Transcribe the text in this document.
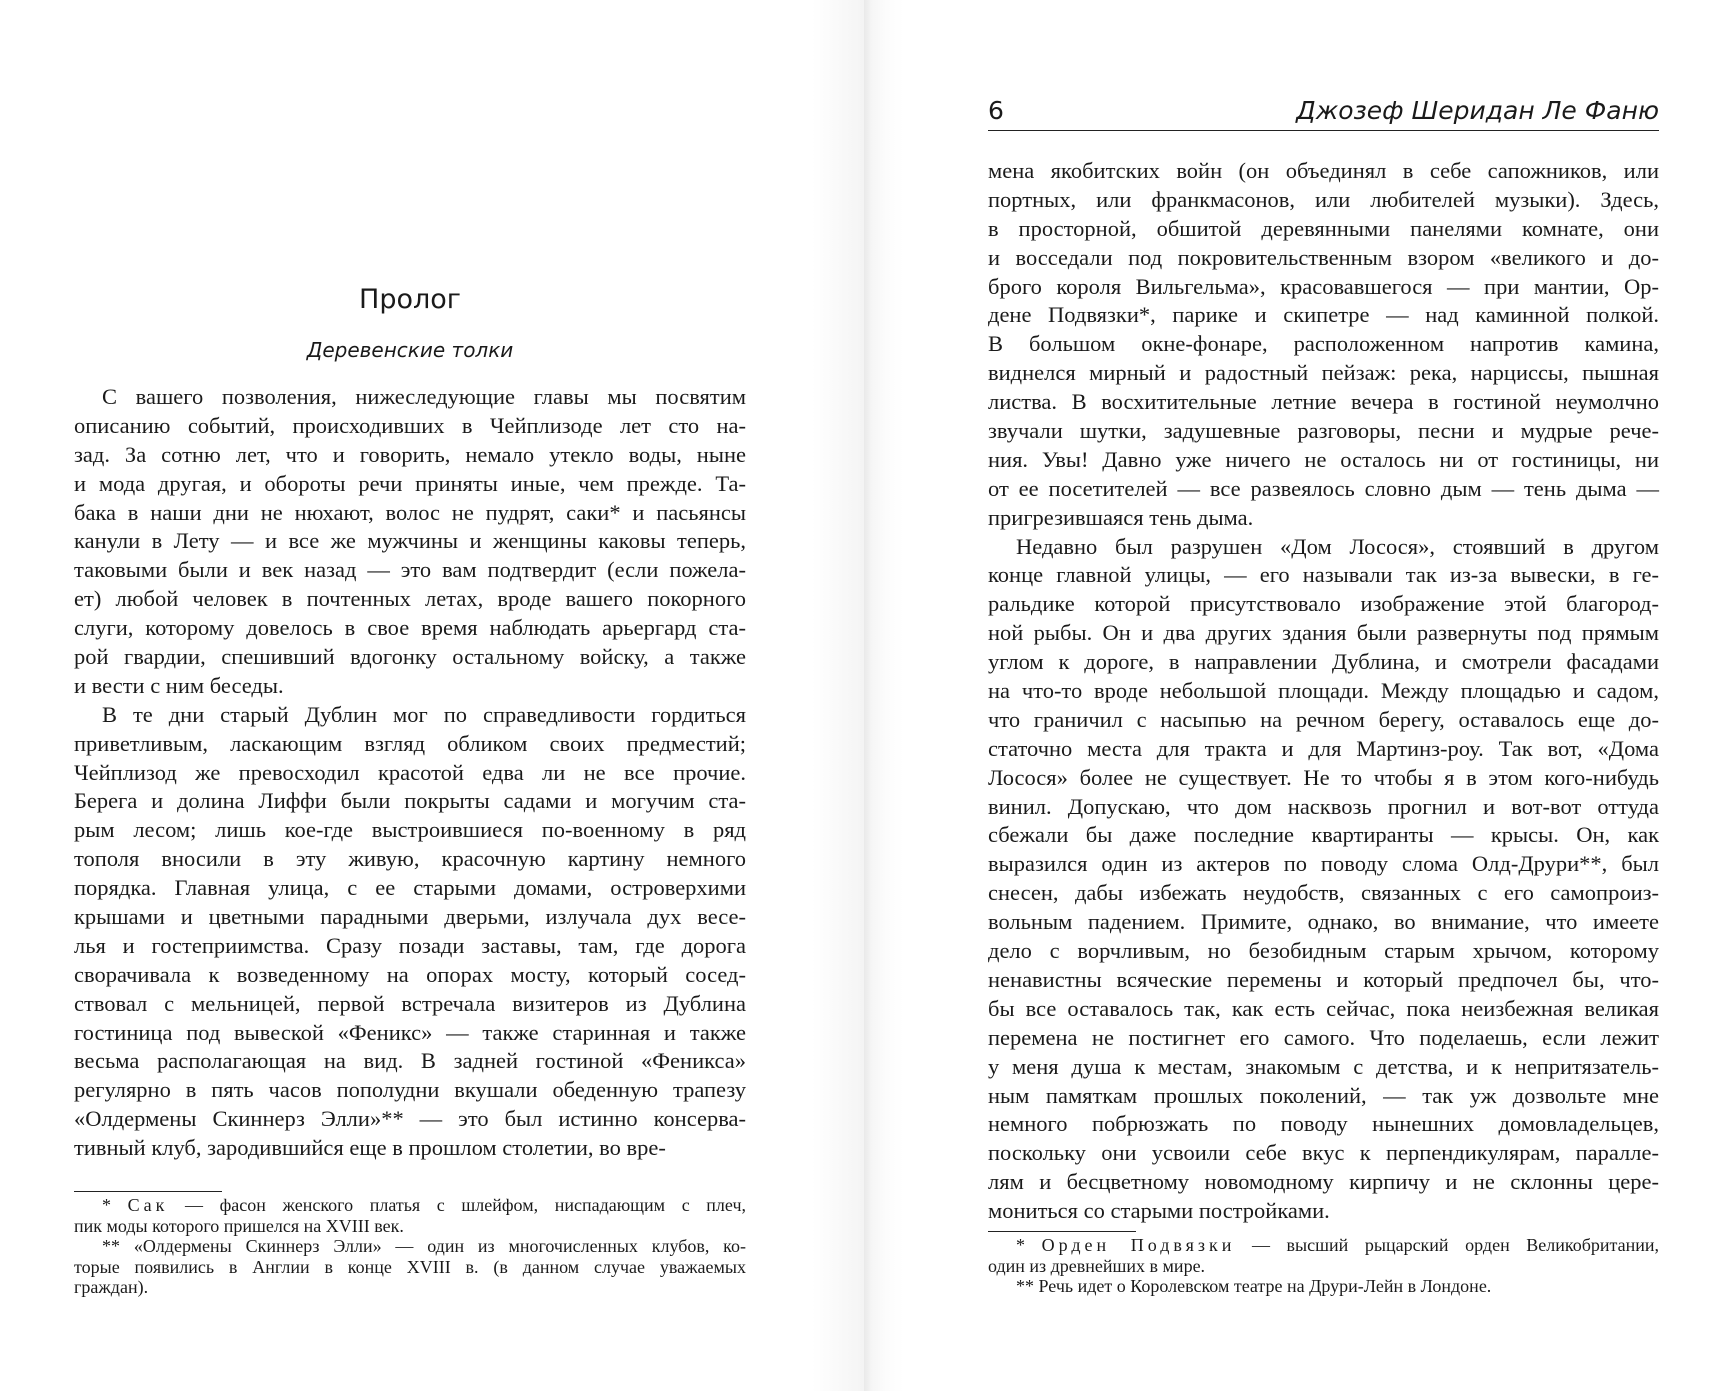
Пролог
Деревенские толки
С вашего позволения, нижеследующие главы мы посвятим
описанию событий, происходивших в Чейплизоде лет сто на-
зад. За сотню лет, что и говорить, немало утекло воды, ныне
и мода другая, и обороты речи приняты иные, чем прежде. Та-
бака в наши дни не нюхают, волос не пудрят, саки* и пасьянсы
канули в Лету — и все же мужчины и женщины каковы теперь,
таковыми были и век назад — это вам подтвердит (если пожела-
ет) любой человек в почтенных летах, вроде вашего покорного
слуги, которому довелось в свое время наблюдать арьергард ста-
рой гвардии, спешивший вдогонку остальному войску, а также
и вести с ним беседы.
В те дни старый Дублин мог по справедливости гордиться
приветливым, ласкающим взгляд обликом своих предместий;
Чейплизод же превосходил красотой едва ли не все прочие.
Берега и долина Лиффи были покрыты садами и могучим ста-
рым лесом; лишь кое-где выстроившиеся по-военному в ряд
тополя вносили в эту живую, красочную картину немного
порядка. Главная улица, с ее старыми домами, островерхими
крышами и цветными парадными дверьми, излучала дух весе-
лья и гостеприимства. Сразу позади заставы, там, где дорога
сворачивала к возведенному на опорах мосту, который сосед-
ствовал с мельницей, первой встречала визитеров из Дублина
гостиница под вывеской «Феникс» — также старинная и также
весьма располагающая на вид. В задней гостиной «Феникса»
регулярно в пять часов пополудни вкушали обеденную трапезу
«Олдермены Скиннерз Элли»** — это был истинно консерва-
тивный клуб, зародившийся еще в прошлом столетии, во вре-
* Сак — фасон женского платья с шлейфом, ниспадающим с плеч,
пик моды которого пришелся на XVIII век.
** «Олдермены Скиннерз Элли» — один из многочисленных клубов, ко-
торые появились в Англии в конце XVIII в. (в данном случае уважаемых
граждан).
6	Джозеф Шеридан Ле Фаню
мена якобитских войн (он объединял в себе сапожников, или
портных, или франкмасонов, или любителей музыки). Здесь,
в просторной, обшитой деревянными панелями комнате, они
и восседали под покровительственным взором «великого и до-
брого короля Вильгельма», красовавшегося — при мантии, Ор-
дене Подвязки*, парике и скипетре — над каминной полкой.
В большом окне-фонаре, расположенном напротив камина,
виднелся мирный и радостный пейзаж: река, нарциссы, пышная
листва. В восхитительные летние вечера в гостиной неумолчно
звучали шутки, задушевные разговоры, песни и мудрые рече-
ния. Увы! Давно уже ничего не осталось ни от гостиницы, ни
от ее посетителей — все развеялось словно дым — тень дыма —
пригрезившаяся тень дыма.
Недавно был разрушен «Дом Лосося», стоявший в другом
конце главной улицы, — его называли так из-за вывески, в ге-
ральдике которой присутствовало изображение этой благород-
ной рыбы. Он и два других здания были развернуты под прямым
углом к дороге, в направлении Дублина, и смотрели фасадами
на что-то вроде небольшой площади. Между площадью и садом,
что граничил с насыпью на речном берегу, оставалось еще до-
статочно места для тракта и для Мартинз-роу. Так вот, «Дома
Лосося» более не существует. Не то чтобы я в этом кого-нибудь
винил. Допускаю, что дом насквозь прогнил и вот-вот оттуда
сбежали бы даже последние квартиранты — крысы. Он, как
выразился один из актеров по поводу слома Олд-Друри**, был
снесен, дабы избежать неудобств, связанных с его самопроиз-
вольным падением. Примите, однако, во внимание, что имеете
дело с ворчливым, но безобидным старым хрычом, которому
ненавистны всяческие перемены и который предпочел бы, что-
бы все оставалось так, как есть сейчас, пока неизбежная великая
перемена не постигнет его самого. Что поделаешь, если лежит
у меня душа к местам, знакомым с детства, и к непритязатель-
ным памяткам прошлых поколений, — так уж дозвольте мне
немного побрюзжать по поводу нынешних домовладельцев,
поскольку они усвоили себе вкус к перпендикулярам, паралле-
лям и бесцветному новомодному кирпичу и не склонны цере-
мониться со старыми постройками.
* Орден Подвязки — высший рыцарский орден Великобритании,
один из древнейших в мире.
** Речь идет о Королевском театре на Друри-Лейн в Лондоне.
